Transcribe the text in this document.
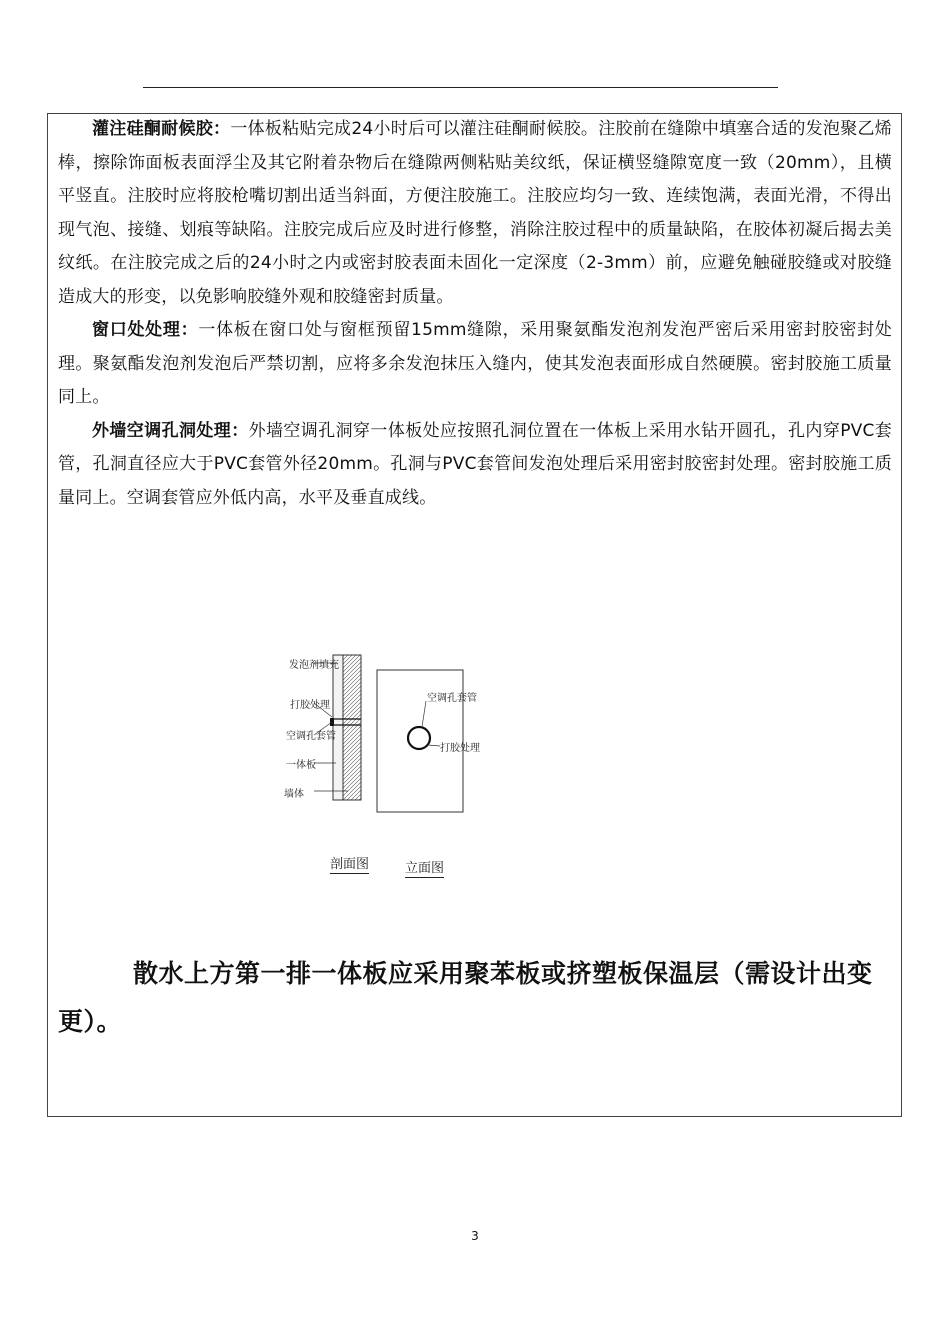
灌注硅酮耐候胶：一体板粘贴完成24小时后可以灌注硅酮耐候胶。注胶前在缝隙中填塞合适的发泡聚乙烯棒，擦除饰面板表面浮尘及其它附着杂物后在缝隙两侧粘贴美纹纸，保证横竖缝隙宽度一致（20mm），且横平竖直。注胶时应将胶枪嘴切割出适当斜面，方便注胶施工。注胶应均匀一致、连续饱满，表面光滑，不得出现气泡、接缝、划痕等缺陷。注胶完成后应及时进行修整，消除注胶过程中的质量缺陷，在胶体初凝后揭去美纹纸。在注胶完成之后的24小时之内或密封胶表面未固化一定深度（2-3mm）前，应避免触碰胶缝或对胶缝造成大的形变，以免影响胶缝外观和胶缝密封质量。

窗口处处理：一体板在窗口处与窗框预留15mm缝隙，采用聚氨酯发泡剂发泡严密后采用密封胶密封处理。聚氨酯发泡剂发泡后严禁切割，应将多余发泡抹压入缝内，使其发泡表面形成自然硬膜。密封胶施工质量同上。

外墙空调孔洞处理：外墙空调孔洞穿一体板处应按照孔洞位置在一体板上采用水钻开圆孔，孔内穿PVC套管，孔洞直径应大于PVC套管外径20mm。孔洞与PVC套管间发泡处理后采用密封胶密封处理。密封胶施工质量同上。空调套管应外低内高，水平及垂直成线。

发泡剂填充
打胶处理
空调孔套管
一体板
墙体
空调孔套管
打胶处理
剖面图	立面图

散水上方第一排一体板应采用聚苯板或挤塑板保温层（需设计出变更）。

3
